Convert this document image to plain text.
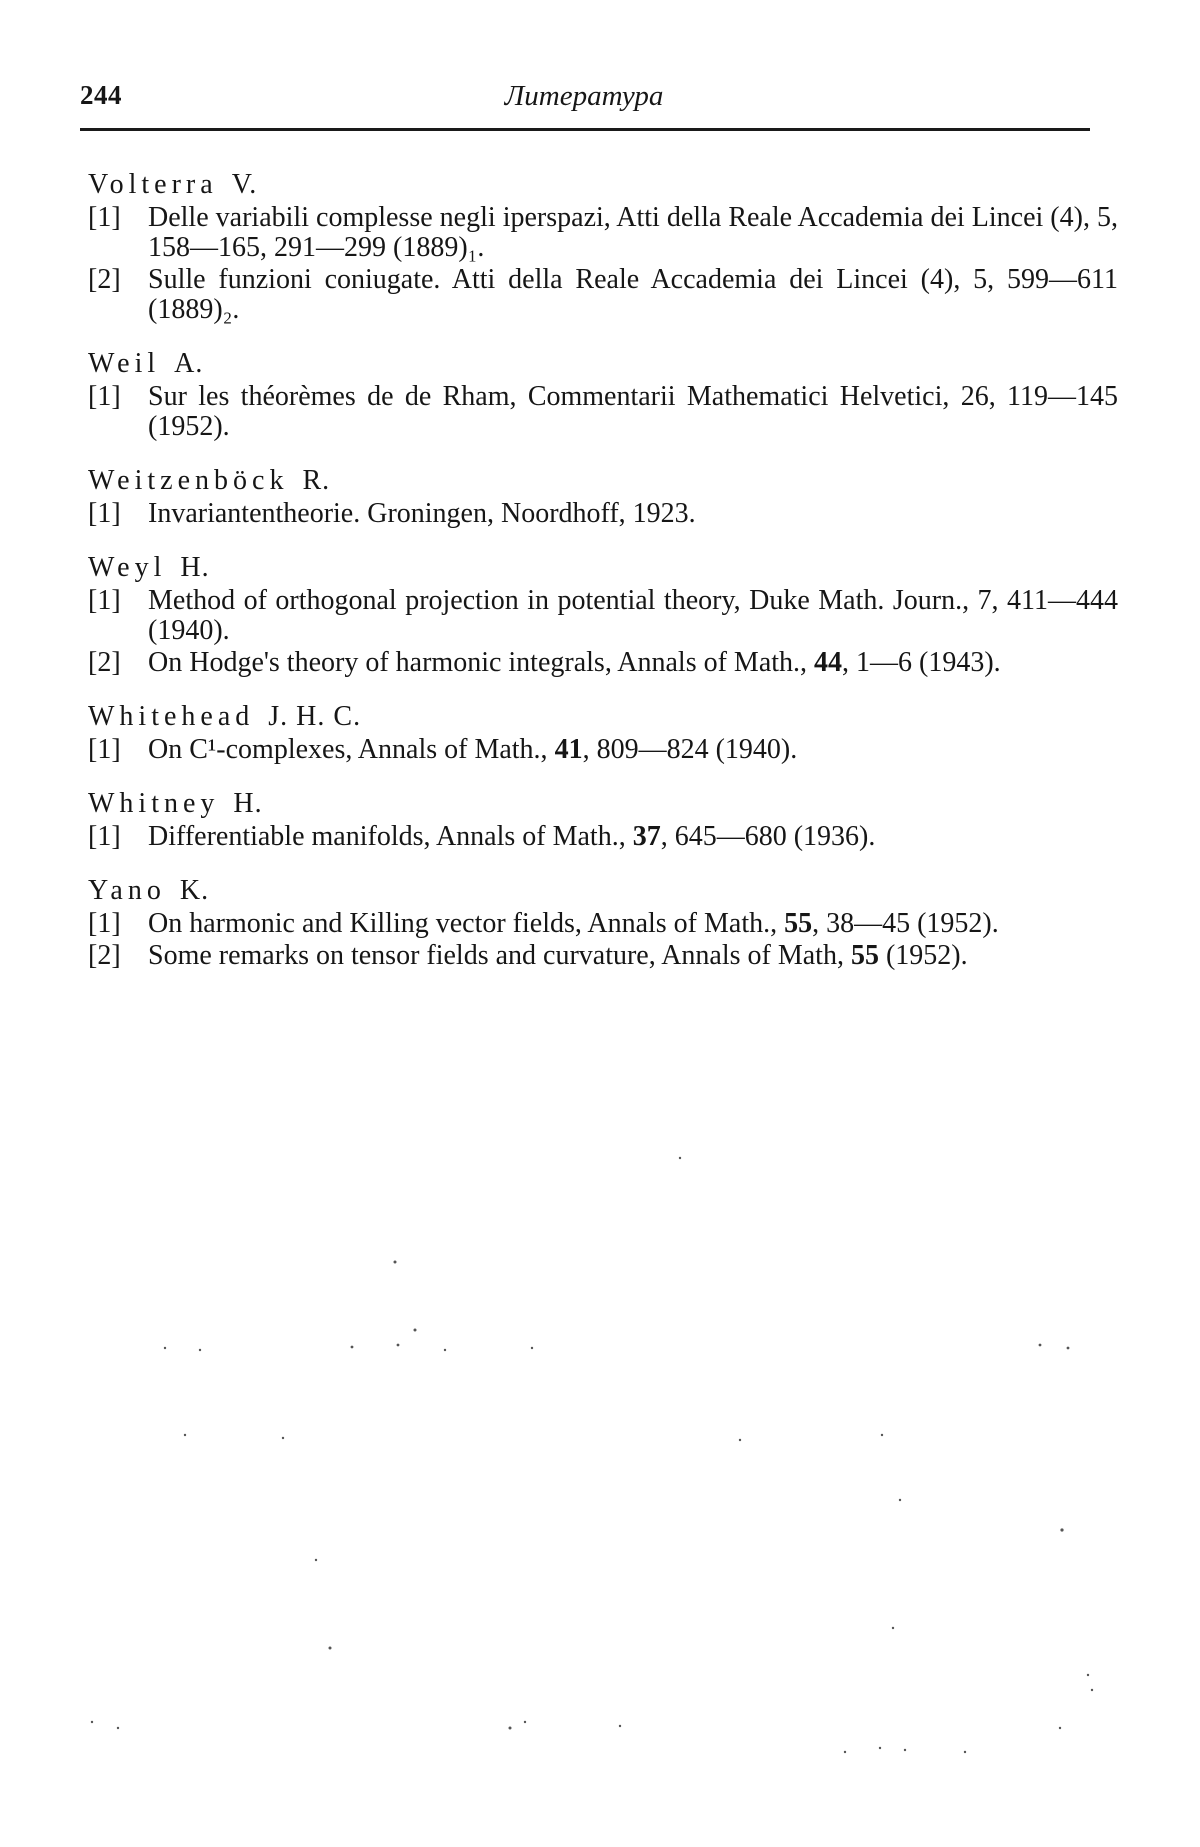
244	Литература
Volterra V.
[1] Delle variabili complesse negli iperspazi, Atti della Reale Accademia dei Lincei (4), 5, 158—165, 291—299 (1889)₁.
[2] Sulle funzioni coniugate. Atti della Reale Accademia dei Lincei (4), 5, 599—611 (1889)₂.
Weil A.
[1] Sur les théorèmes de de Rham, Commentarii Mathematici Helvetici, 26, 119—145 (1952).
Weitzenböck R.
[1] Invariantentheorie. Groningen, Noordhoff, 1923.
Weyl H.
[1] Method of orthogonal projection in potential theory, Duke Math. Journ., 7, 411—444 (1940).
[2] On Hodge's theory of harmonic integrals, Annals of Math., 44, 1—6 (1943).
Whitehead J. H. C.
[1] On C¹-complexes, Annals of Math., 41, 809—824 (1940).
Whitney H.
[1] Differentiable manifolds, Annals of Math., 37, 645—680 (1936).
Yano K.
[1] On harmonic and Killing vector fields, Annals of Math., 55, 38—45 (1952).
[2] Some remarks on tensor fields and curvature, Annals of Math, 55 (1952).
